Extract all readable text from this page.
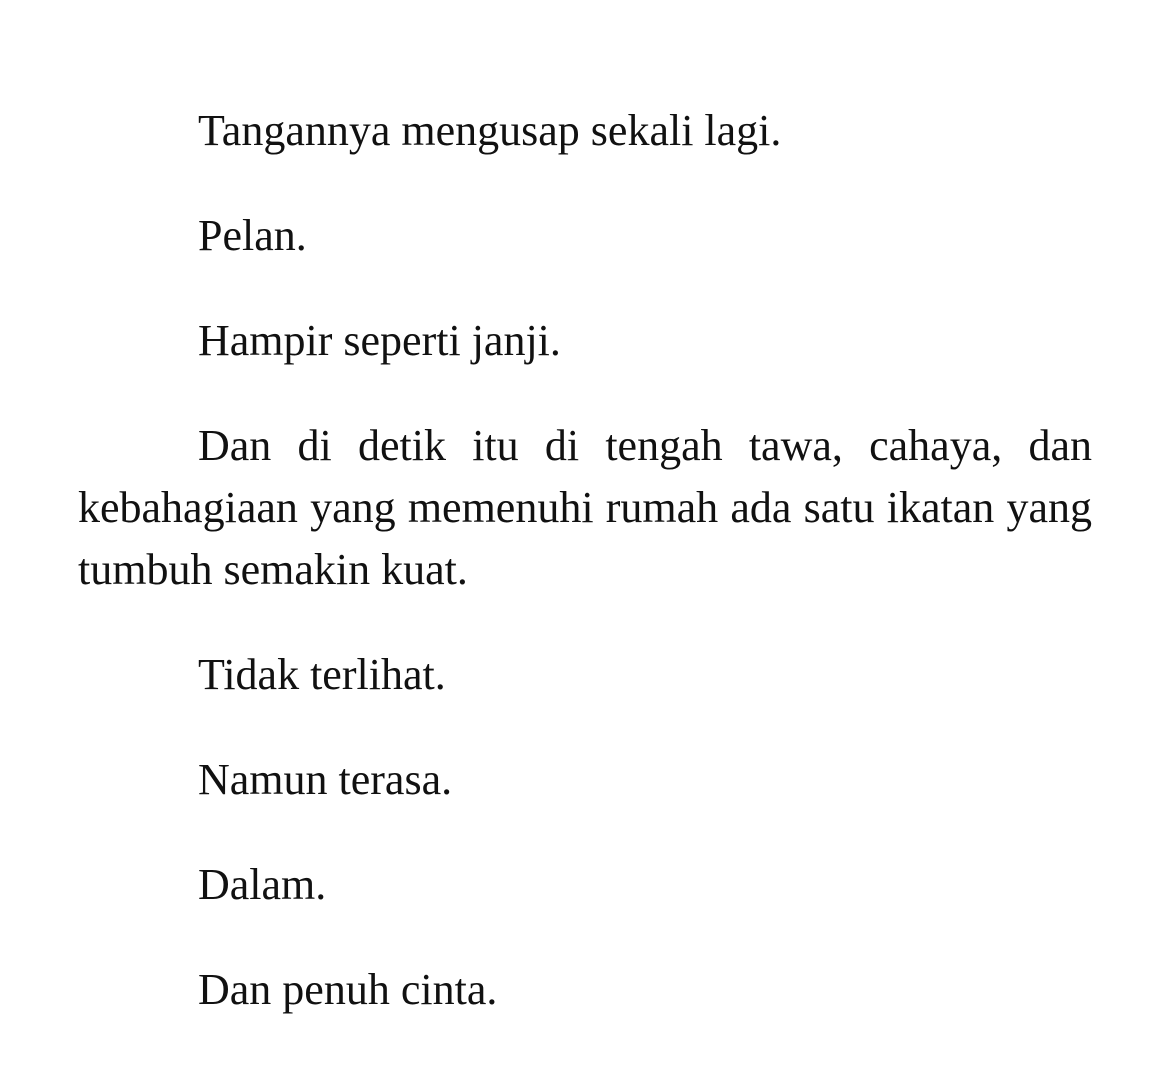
Tangannya mengusap sekali lagi.

Pelan.

Hampir seperti janji.

Dan di detik itu di tengah tawa, cahaya, dan kebahagiaan yang memenuhi rumah ada satu ikatan yang tumbuh semakin kuat.

Tidak terlihat.

Namun terasa.

Dalam.

Dan penuh cinta.
